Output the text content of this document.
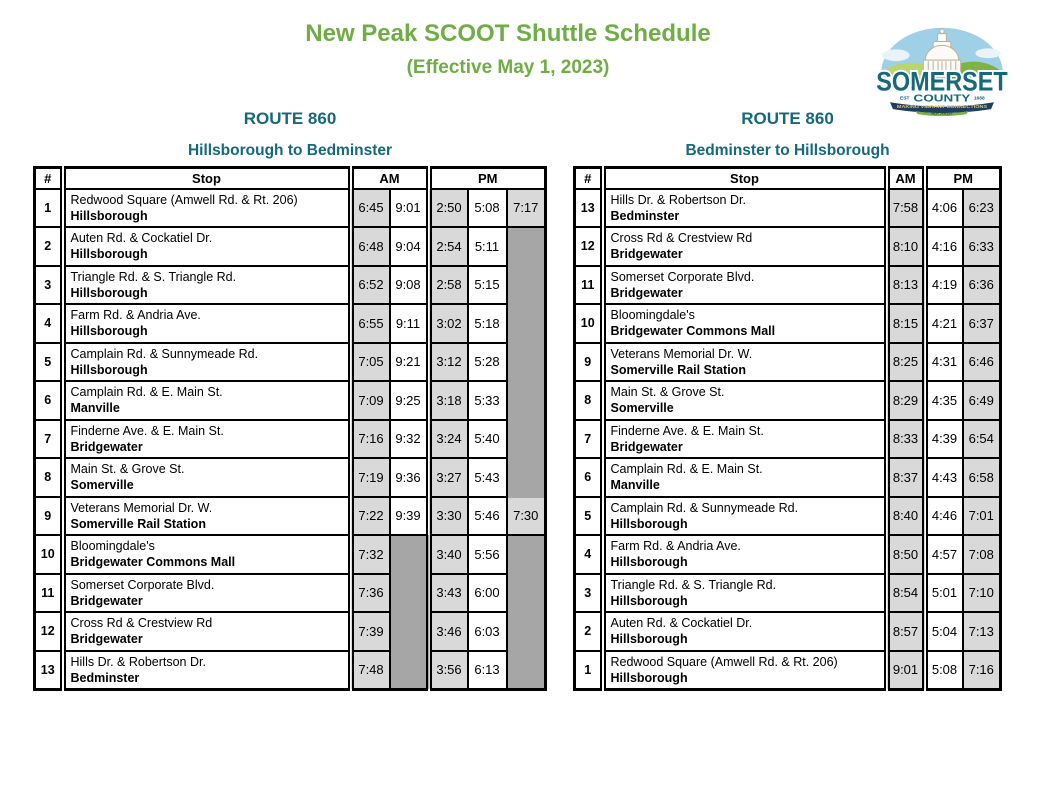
New Peak SCOOT Shuttle Schedule
(Effective May 1, 2023)	SOMERSET
EST	1688
COUNTY
MAKING VIBRANT CONNECTIONS
NEW JERSEY
ROUTE 860
Hillsborough to Bedminster
#	Stop	AM		PM		
1	Redwood Square (Amwell Rd. & Rt. 206)
Hillsborough	6:45	9:01	2:50	5:08	7:17
2	Auten Rd. & Cockatiel Dr.
Hillsborough	6:48	9:04	2:54	5:11	
3	Triangle Rd. & S. Triangle Rd.
Hillsborough	6:52	9:08	2:58	5:15	
4	Farm Rd. & Andria Ave.
Hillsborough	6:55	9:11	3:02	5:18	
5	Camplain Rd. & Sunnymeade Rd.
Hillsborough	7:05	9:21	3:12	5:28	
6	Camplain Rd. & E. Main St.
Manville	7:09	9:25	3:18	5:33	
7	Finderne Ave. & E. Main St.
Bridgewater	7:16	9:32	3:24	5:40	
8	Main St. & Grove St.
Somerville	7:19	9:36	3:27	5:43	
9	Veterans Memorial Dr. W.
Somerville Rail Station	7:22	9:39	3:30	5:46	7:30
10	Bloomingdale's
Bridgewater Commons Mall	7:32		3:40	5:56	
11	Somerset Corporate Blvd.
Bridgewater	7:36		3:43	6:00	
12	Cross Rd & Crestview Rd
Bridgewater	7:39		3:46	6:03	
13	Hills Dr. & Robertson Dr.
Bedminster	7:48		3:56	6:13	
ROUTE 860
Bedminster to Hillsborough
#	Stop	AM	PM	
13	Hills Dr. & Robertson Dr.
Bedminster	7:58	4:06	6:23
12	Cross Rd & Crestview Rd
Bridgewater	8:10	4:16	6:33
11	Somerset Corporate Blvd.
Bridgewater	8:13	4:19	6:36
10	Bloomingdale's
Bridgewater Commons Mall	8:15	4:21	6:37
9	Veterans Memorial Dr. W.
Somerville Rail Station	8:25	4:31	6:46
8	Main St. & Grove St.
Somerville	8:29	4:35	6:49
7	Finderne Ave. & E. Main St.
Bridgewater	8:33	4:39	6:54
6	Camplain Rd. & E. Main St.
Manville	8:37	4:43	6:58
5	Camplain Rd. & Sunnymeade Rd.
Hillsborough	8:40	4:46	7:01
4	Farm Rd. & Andria Ave.
Hillsborough	8:50	4:57	7:08
3	Triangle Rd. & S. Triangle Rd.
Hillsborough	8:54	5:01	7:10
2	Auten Rd. & Cockatiel Dr.
Hillsborough	8:57	5:04	7:13
1	Redwood Square (Amwell Rd. & Rt. 206)
Hillsborough	9:01	5:08	7:16
